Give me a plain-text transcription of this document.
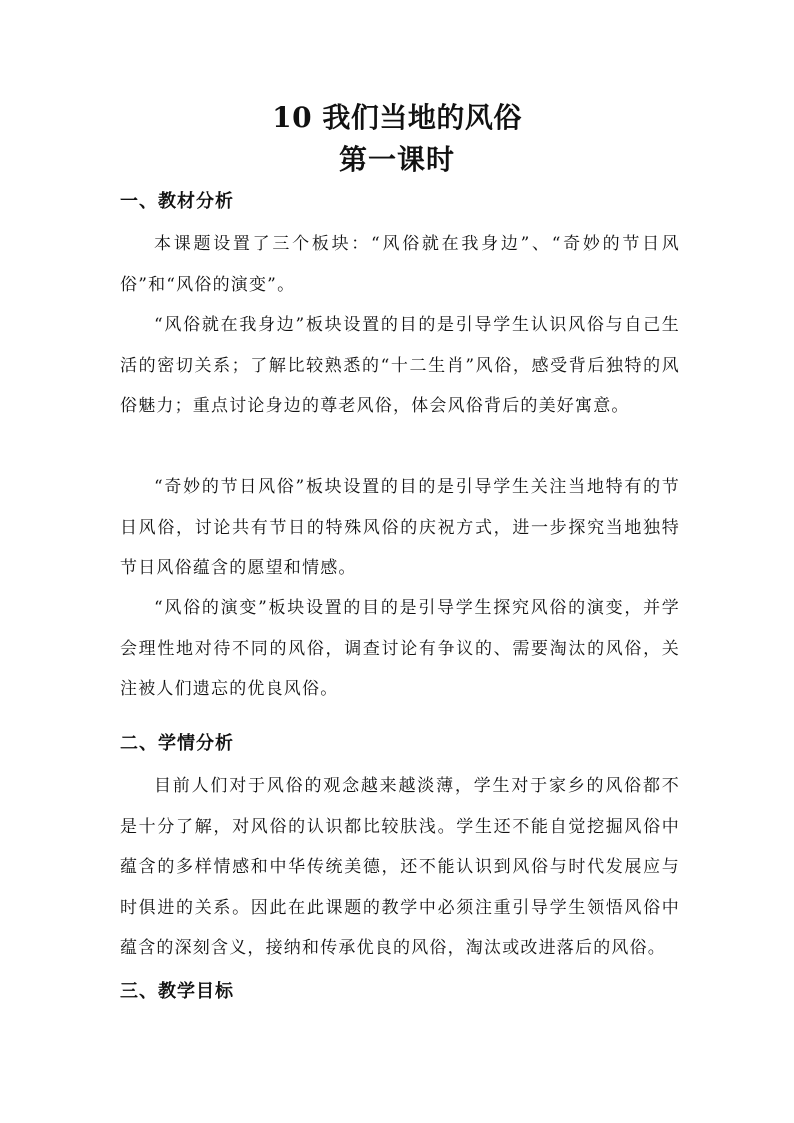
10 我们当地的风俗
第一课时
一、教材分析

本课题设置了三个板块：“风俗就在我身边”、“奇妙的节日风俗”和“风俗的演变”。

“风俗就在我身边”板块设置的目的是引导学生认识风俗与自己生活的密切关系；了解比较熟悉的“十二生肖”风俗，感受背后独特的风俗魅力；重点讨论身边的尊老风俗，体会风俗背后的美好寓意。

“奇妙的节日风俗”板块设置的目的是引导学生关注当地特有的节日风俗，讨论共有节日的特殊风俗的庆祝方式，进一步探究当地独特节日风俗蕴含的愿望和情感。

“风俗的演变”板块设置的目的是引导学生探究风俗的演变，并学会理性地对待不同的风俗，调查讨论有争议的、需要淘汰的风俗，关注被人们遗忘的优良风俗。

二、学情分析

目前人们对于风俗的观念越来越淡薄，学生对于家乡的风俗都不是十分了解，对风俗的认识都比较肤浅。学生还不能自觉挖掘风俗中蕴含的多样情感和中华传统美德，还不能认识到风俗与时代发展应与时俱进的关系。因此在此课题的教学中必须注重引导学生领悟风俗中蕴含的深刻含义，接纳和传承优良的风俗，淘汰或改进落后的风俗。

三、教学目标
